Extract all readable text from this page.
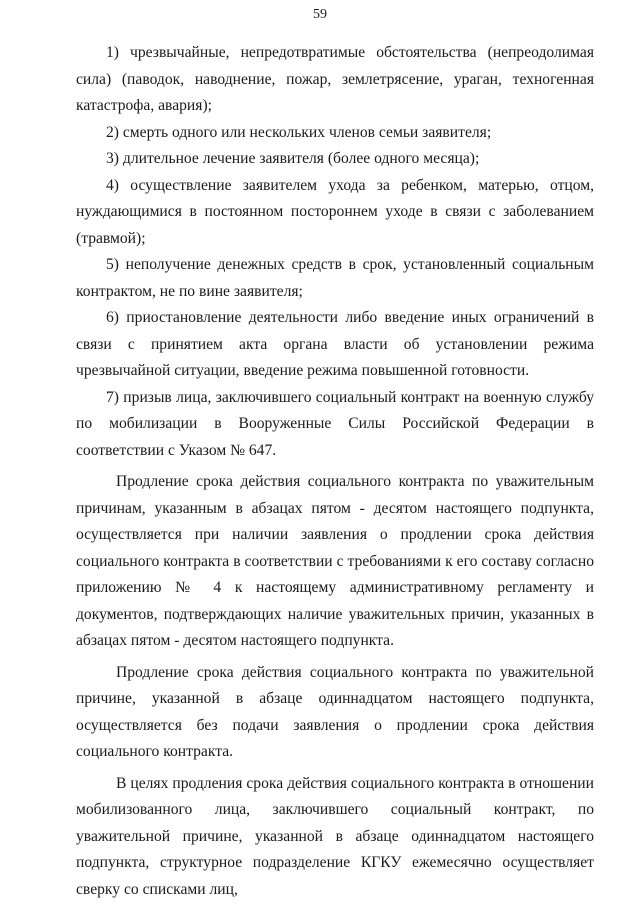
59

1) чрезвычайные, непредотвратимые обстоятельства (непреодолимая сила) (паводок, наводнение, пожар, землетрясение, ураган, техногенная катастрофа, авария);

2) смерть одного или нескольких членов семьи заявителя;

3) длительное лечение заявителя (более одного месяца);

4) осуществление заявителем ухода за ребенком, матерью, отцом, нуждающимися в постоянном постороннем уходе в связи с заболеванием (травмой);

5) неполучение денежных средств в срок, установленный социальным контрактом, не по вине заявителя;

6) приостановление деятельности либо введение иных ограничений в связи с принятием акта органа власти об установлении режима чрезвычайной ситуации, введение режима повышенной готовности.

7) призыв лица, заключившего социальный контракт на военную службу по мобилизации в Вооруженные Силы Российской Федерации в соответствии с Указом № 647.

Продление срока действия социального контракта по уважительным причинам, указанным в абзацах пятом - десятом настоящего подпункта, осуществляется при наличии заявления о продлении срока действия социального контракта в соответствии с требованиями к его составу согласно приложению № 4 к настоящему административному регламенту и документов, подтверждающих наличие уважительных причин, указанных в абзацах пятом - десятом настоящего подпункта.

Продление срока действия социального контракта по уважительной причине, указанной в абзаце одиннадцатом настоящего подпункта, осуществляется без подачи заявления о продлении срока действия социального контракта.

В целях продления срока действия социального контракта в отношении мобилизованного лица, заключившего социальный контракт, по уважительной причине, указанной в абзаце одиннадцатом настоящего подпункта, структурное подразделение КГКУ ежемесячно осуществляет сверку со списками лиц,
